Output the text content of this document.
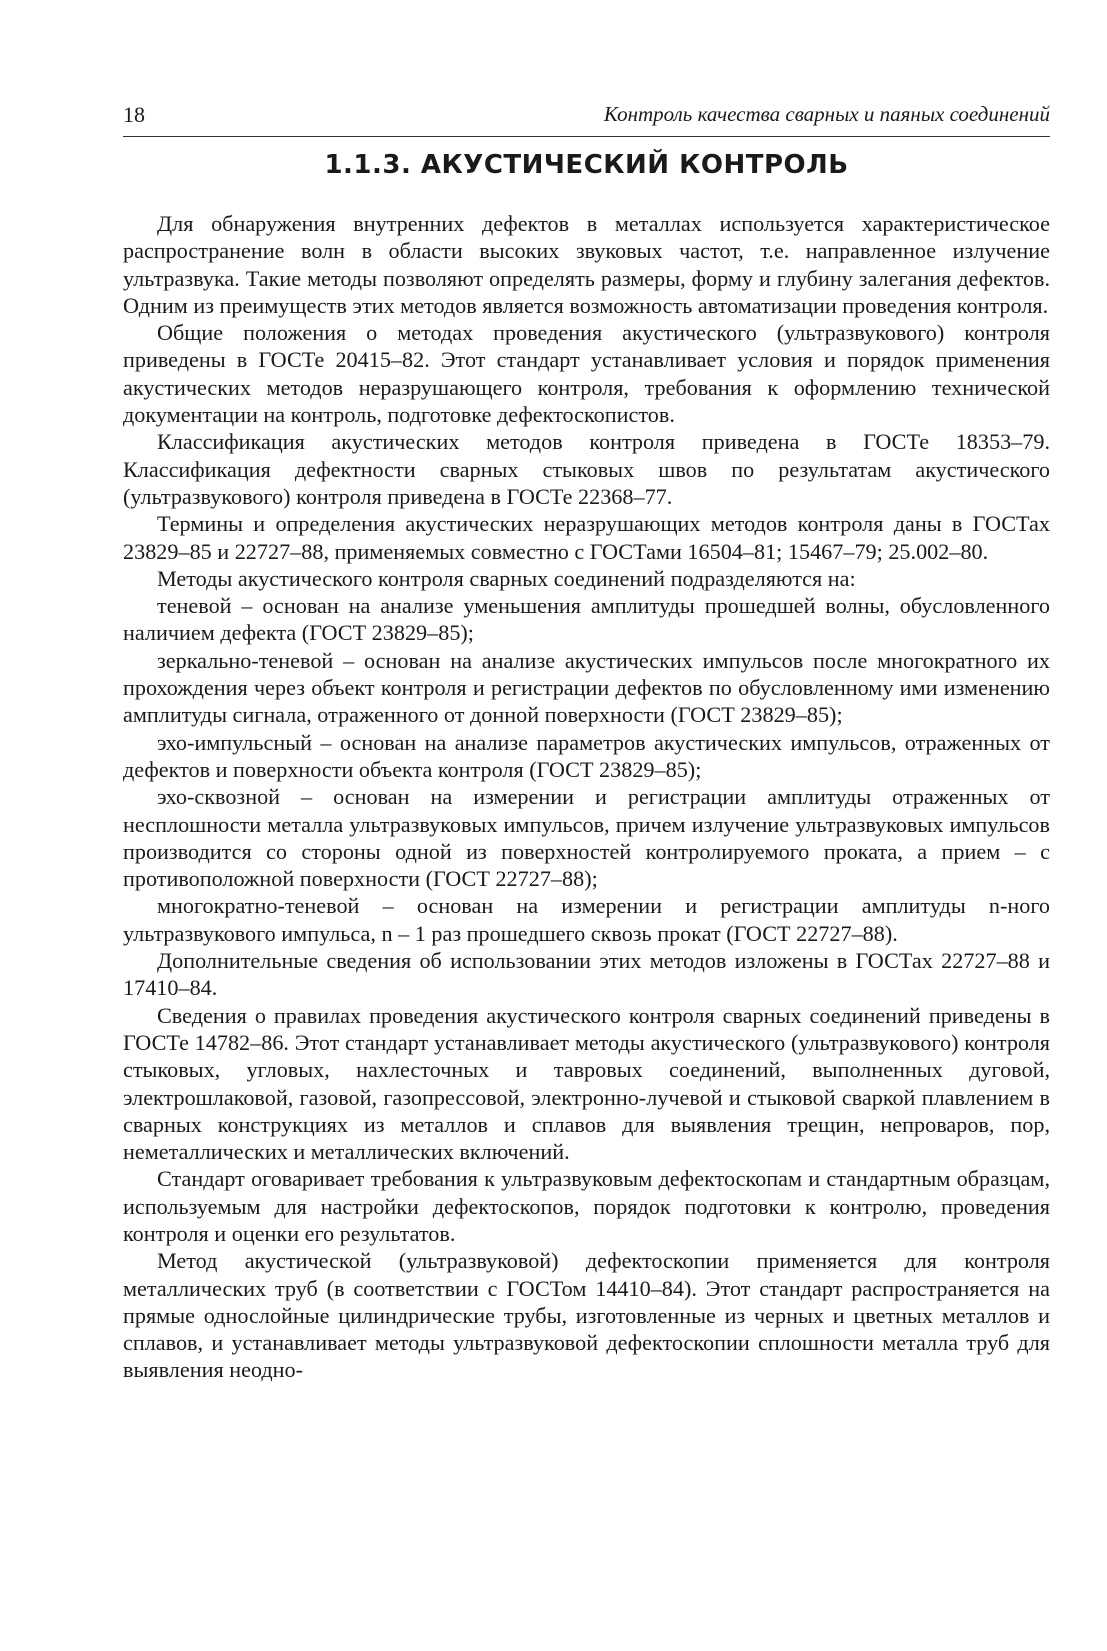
18	Контроль качества сварных и паяных соединений
1.1.3. АКУСТИЧЕСКИЙ КОНТРОЛЬ

Для обнаружения внутренних дефектов в металлах используется характеристическое распространение волн в области высоких звуковых частот, т.е. направленное излучение ультразвука. Такие методы позволяют определять размеры, форму и глубину залегания дефектов. Одним из преимуществ этих методов является возможность автоматизации проведения контроля.

Общие положения о методах проведения акустического (ультразвукового) контроля приведены в ГОСТе 20415–82. Этот стандарт устанавливает условия и порядок применения акустических методов неразрушающего контроля, требования к оформлению технической документации на контроль, подготовке дефектоскопистов.

Классификация акустических методов контроля приведена в ГОСТе 18353–79. Классификация дефектности сварных стыковых швов по результатам акустического (ультразвукового) контроля приведена в ГОСТе 22368–77.

Термины и определения акустических неразрушающих методов контроля даны в ГОСТах 23829–85 и 22727–88, применяемых совместно с ГОСТами 16504–81; 15467–79; 25.002–80.

Методы акустического контроля сварных соединений подразделяются на:

теневой – основан на анализе уменьшения амплитуды прошедшей волны, обусловленного наличием дефекта (ГОСТ 23829–85);

зеркально-теневой – основан на анализе акустических импульсов после многократного их прохождения через объект контроля и регистрации дефектов по обусловленному ими изменению амплитуды сигнала, отраженного от донной поверхности (ГОСТ 23829–85);

эхо-импульсный – основан на анализе параметров акустических импульсов, отраженных от дефектов и поверхности объекта контроля (ГОСТ 23829–85);

эхо-сквозной – основан на измерении и регистрации амплитуды отраженных от несплошности металла ультразвуковых импульсов, причем излучение ультразвуковых импульсов производится со стороны одной из поверхностей контролируемого проката, а прием – с противоположной поверхности (ГОСТ 22727–88);

многократно-теневой – основан на измерении и регистрации амплитуды n-ного ультразвукового импульса, n – 1 раз прошедшего сквозь прокат (ГОСТ 22727–88).

Дополнительные сведения об использовании этих методов изложены в ГОСТах 22727–88 и 17410–84.

Сведения о правилах проведения акустического контроля сварных соединений приведены в ГОСТе 14782–86. Этот стандарт устанавливает методы акустического (ультразвукового) контроля стыковых, угловых, нахлесточных и тавровых соединений, выполненных дуговой, электрошлаковой, газовой, газопрессовой, электронно-лучевой и стыковой сваркой плавлением в сварных конструкциях из металлов и сплавов для выявления трещин, непроваров, пор, неметаллических и металлических включений.

Стандарт оговаривает требования к ультразвуковым дефектоскопам и стандартным образцам, используемым для настройки дефектоскопов, порядок подготовки к контролю, проведения контроля и оценки его результатов.

Метод акустической (ультразвуковой) дефектоскопии применяется для контроля металлических труб (в соответствии с ГОСТом 14410–84). Этот стандарт распространяется на прямые однослойные цилиндрические трубы, изготовленные из черных и цветных металлов и сплавов, и устанавливает методы ультразвуковой дефектоскопии сплошности металла труб для выявления неодно-
